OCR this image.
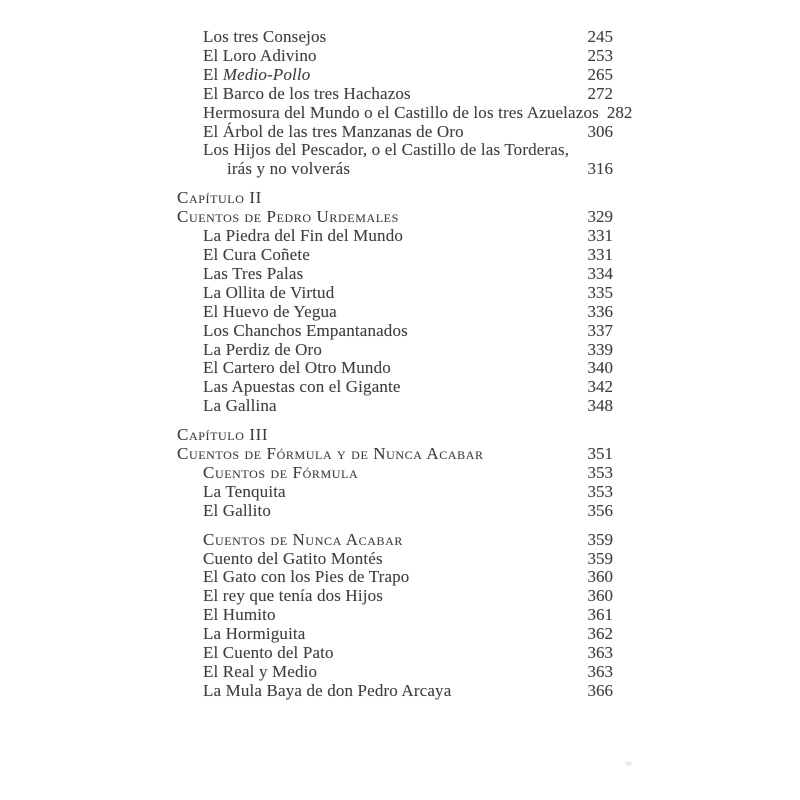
Los tres Consejos	245
El Loro Adivino	253
El Medio-Pollo	265
El Barco de los tres Hachazos	272
Hermosura del Mundo o el Castillo de los tres Azuelazos 282
El Árbol de las tres Manzanas de Oro	306
Los Hijos del Pescador, o el Castillo de las Torderas,
irás y no volverás	316
Capítulo II
Cuentos de Pedro Urdemales	329
La Piedra del Fin del Mundo	331
El Cura Coñete	331
Las Tres Palas	334
La Ollita de Virtud	335
El Huevo de Yegua	336
Los Chanchos Empantanados	337
La Perdiz de Oro	339
El Cartero del Otro Mundo	340
Las Apuestas con el Gigante	342
La Gallina	348
Capítulo III
Cuentos de Fórmula y de Nunca Acabar	351
Cuentos de Fórmula	353
La Tenquita	353
El Gallito	356
Cuentos de Nunca Acabar	359
Cuento del Gatito Montés	359
El Gato con los Pies de Trapo	360
El rey que tenía dos Hijos	360
El Humito	361
La Hormiguita	362
El Cuento del Pato	363
El Real y Medio	363
La Mula Baya de don Pedro Arcaya	366
